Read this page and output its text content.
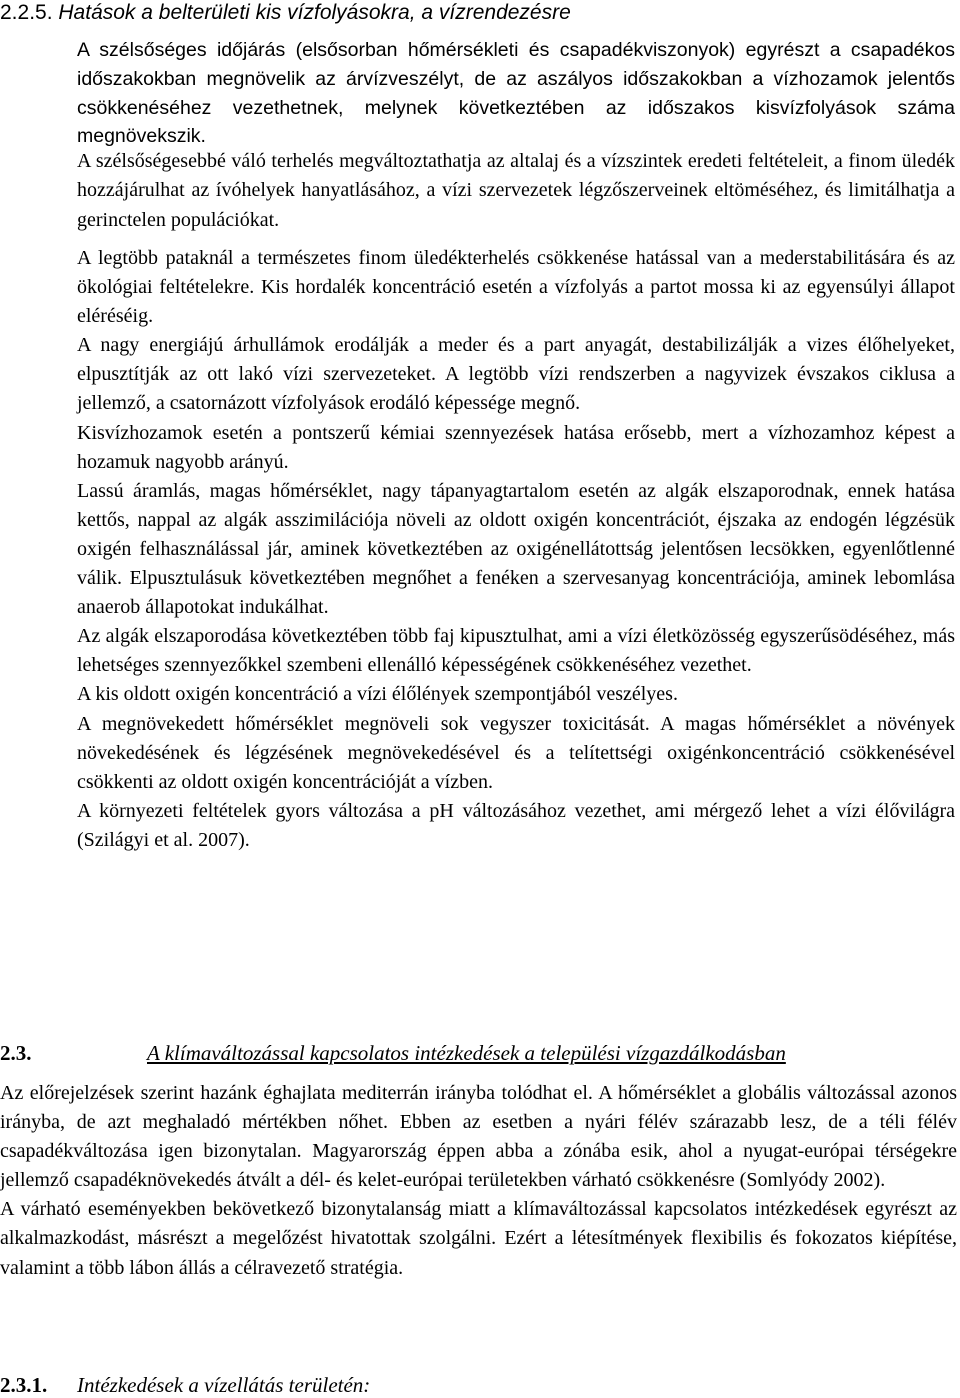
2.2.5. Hatások a belterületi kis vízfolyásokra, a vízrendezésre

A szélsőséges időjárás (elsősorban hőmérsékleti és csapadékviszonyok) egyrészt a csapadékos időszakokban megnövelik az árvízveszélyt, de az aszályos időszakokban a vízhozamok jelentős csökkenéséhez vezethetnek, melynek következtében az időszakos kisvízfolyások száma megnövekszik.

A szélsőségesebbé váló terhelés megváltoztathatja az altalaj és a vízszintek eredeti feltételeit, a finom üledék hozzájárulhat az ívóhelyek hanyatlásához, a vízi szervezetek légzőszerveinek eltöméséhez, és limitálhatja a gerinctelen populációkat.

A legtöbb pataknál a természetes finom üledékterhelés csökkenése hatással van a mederstabilitására és az ökológiai feltételekre. Kis hordalék koncentráció esetén a vízfolyás a partot mossa ki az egyensúlyi állapot eléréséig.

A nagy energiájú árhullámok erodálják a meder és a part anyagát, destabilizálják a vizes élőhelyeket, elpusztítják az ott lakó vízi szervezeteket. A legtöbb vízi rendszerben a nagyvizek évszakos ciklusa a jellemző, a csatornázott vízfolyások erodáló képessége megnő.

Kisvízhozamok esetén a pontszerű kémiai szennyezések hatása erősebb, mert a vízhozamhoz képest a hozamuk nagyobb arányú.

Lassú áramlás, magas hőmérséklet, nagy tápanyagtartalom esetén az algák elszaporodnak, ennek hatása kettős, nappal az algák asszimilációja növeli az oldott oxigén koncentrációt, éjszaka az endogén légzésük oxigén felhasználással jár, aminek következtében az oxigénellátottság jelentősen lecsökken, egyenlőtlenné válik. Elpusztulásuk következtében megnőhet a fenéken a szervesanyag koncentrációja, aminek lebomlása anaerob állapotokat indukálhat.

Az algák elszaporodása következtében több faj kipusztulhat, ami a vízi életközösség egyszerűsödéséhez, más lehetséges szennyezőkkel szembeni ellenálló képességének csökkenéséhez vezethet.

A kis oldott oxigén koncentráció a vízi élőlények szempontjából veszélyes.

A megnövekedett hőmérséklet megnöveli sok vegyszer toxicitását. A magas hőmérséklet a növények növekedésének és légzésének megnövekedésével és a telítettségi oxigénkoncentráció csökkenésével csökkenti az oldott oxigén koncentrációját a vízben.

A környezeti feltételek gyors változása a pH változásához vezethet, ami mérgező lehet a vízi élővilágra (Szilágyi et al. 2007).

2.3.	A klímaváltozással kapcsolatos intézkedések a települési vízgazdálkodásban

Az előrejelzések szerint hazánk éghajlata mediterrán irányba tolódhat el. A hőmérséklet a globális változással azonos irányba, de azt meghaladó mértékben nőhet. Ebben az esetben a nyári félév szárazabb lesz, de a téli félév csapadékváltozása igen bizonytalan. Magyarország éppen abba a zónába esik, ahol a nyugat-európai térségekre jellemző csapadéknövekedés átvált a dél- és kelet-európai területekben várható csökkenésre (Somlyódy 2002).

A várható eseményekben bekövetkező bizonytalanság miatt a klímaváltozással kapcsolatos intézkedések egyrészt az alkalmazkodást, másrészt a megelőzést hivatottak szolgálni. Ezért a létesítmények flexibilis és fokozatos kiépítése, valamint a több lábon állás a célravezető stratégia.

2.3.1. Intézkedések a vízellátás területén:
